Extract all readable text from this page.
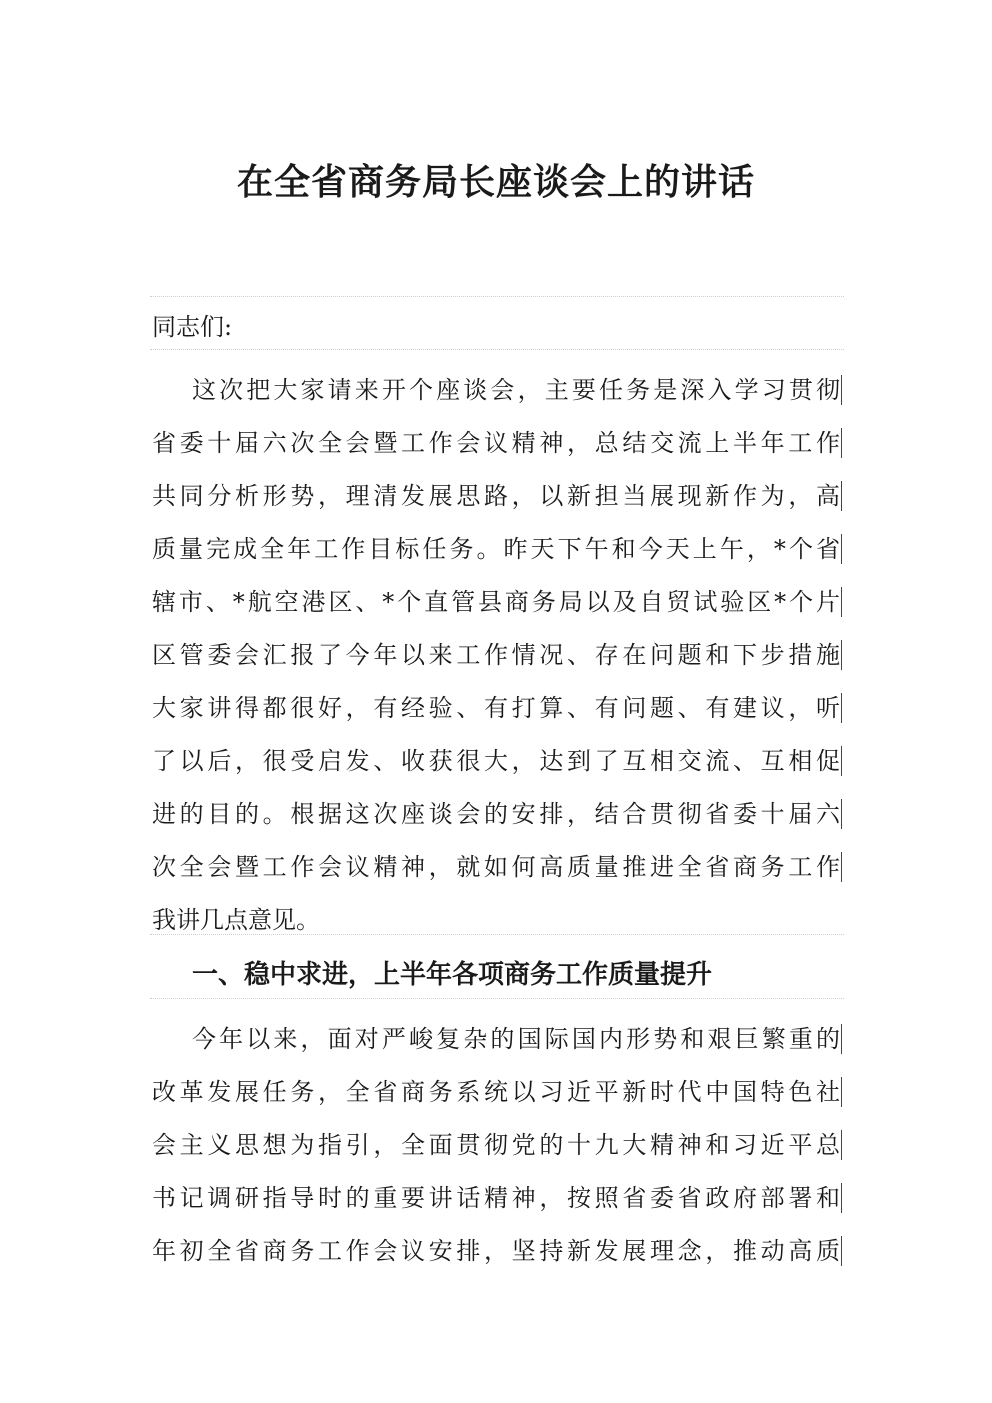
在全省商务局长座谈会上的讲话

同志们:

这次把大家请来开个座谈会，主要任务是深入学习贯彻
省委十届六次全会暨工作会议精神，总结交流上半年工作
共同分析形势，理清发展思路，以新担当展现新作为，高
质量完成全年工作目标任务。昨天下午和今天上午，*个省
辖市、*航空港区、*个直管县商务局以及自贸试验区*个片
区管委会汇报了今年以来工作情况、存在问题和下步措施
大家讲得都很好，有经验、有打算、有问题、有建议，听
了以后，很受启发、收获很大，达到了互相交流、互相促
进的目的。根据这次座谈会的安排，结合贯彻省委十届六
次全会暨工作会议精神，就如何高质量推进全省商务工作
我讲几点意见。
一、稳中求进，上半年各项商务工作质量提升
今年以来，面对严峻复杂的国际国内形势和艰巨繁重的
改革发展任务，全省商务系统以习近平新时代中国特色社
会主义思想为指引，全面贯彻党的十九大精神和习近平总
书记调研指导时的重要讲话精神，按照省委省政府部署和
年初全省商务工作会议安排，坚持新发展理念，推动高质
